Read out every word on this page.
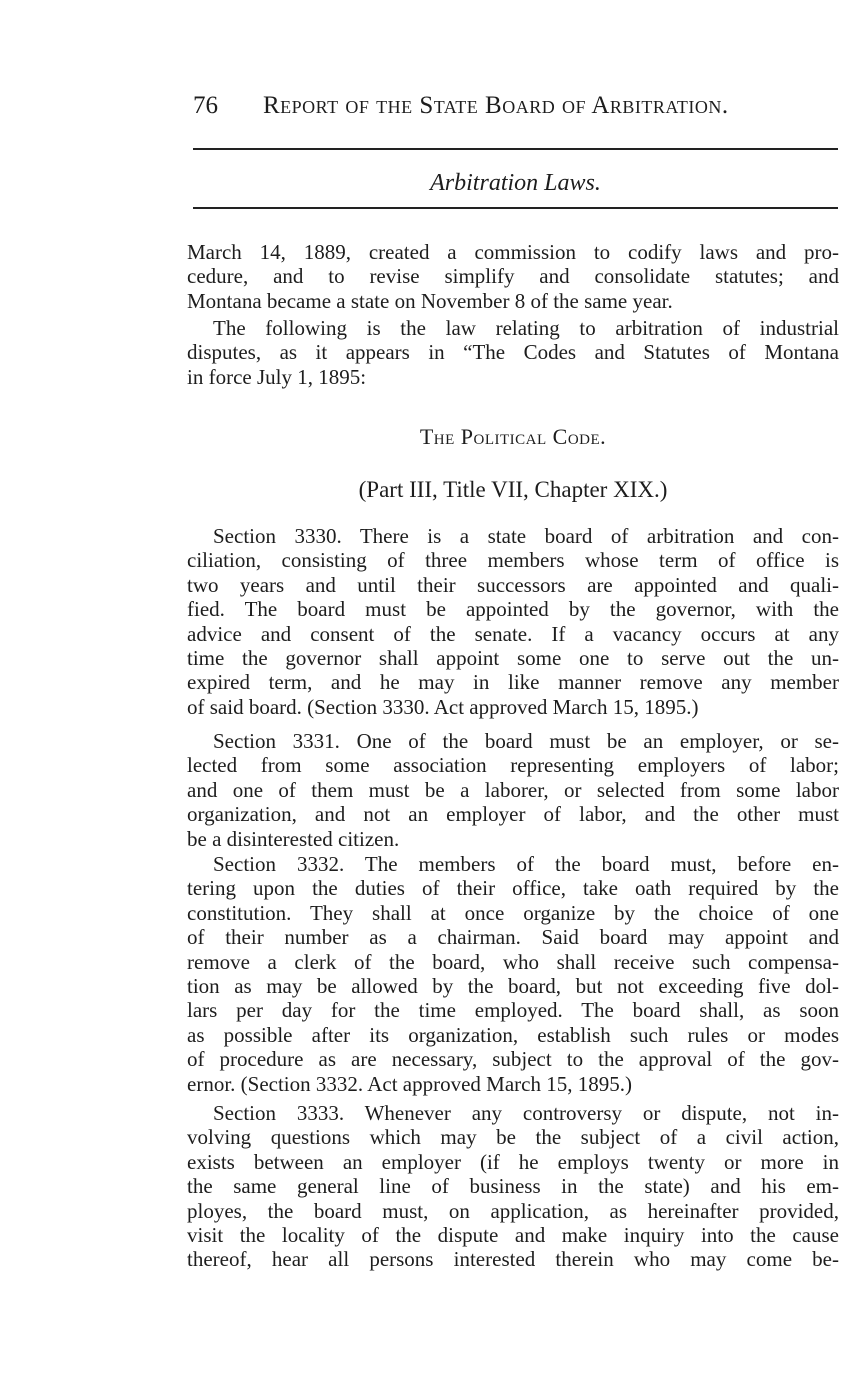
76 Report of the State Board of Arbitration.
Arbitration Laws.

March 14, 1889, created a commission to codify laws and pro-
cedure, and to revise simplify and consolidate statutes; and
Montana became a state on November 8 of the same year.

The following is the law relating to arbitration of industrial
disputes, as it appears in “The Codes and Statutes of Montana
in force July 1, 1895:

The Political Code.
(Part III, Title VII, Chapter XIX.)

Section 3330. There is a state board of arbitration and con-
ciliation, consisting of three members whose term of office is
two years and until their successors are appointed and quali-
fied. The board must be appointed by the governor, with the
advice and consent of the senate. If a vacancy occurs at any
time the governor shall appoint some one to serve out the un-
expired term, and he may in like manner remove any member
of said board. (Section 3330. Act approved March 15, 1895.)

Section 3331. One of the board must be an employer, or se-
lected from some association representing employers of labor;
and one of them must be a laborer, or selected from some labor
organization, and not an employer of labor, and the other must
be a disinterested citizen.

Section 3332. The members of the board must, before en-
tering upon the duties of their office, take oath required by the
constitution. They shall at once organize by the choice of one
of their number as a chairman. Said board may appoint and
remove a clerk of the board, who shall receive such compensa-
tion as may be allowed by the board, but not exceeding five dol-
lars per day for the time employed. The board shall, as soon
as possible after its organization, establish such rules or modes
of procedure as are necessary, subject to the approval of the gov-
ernor. (Section 3332. Act approved March 15, 1895.)

Section 3333. Whenever any controversy or dispute, not in-
volving questions which may be the subject of a civil action,
exists between an employer (if he employs twenty or more in
the same general line of business in the state) and his em-
ployes, the board must, on application, as hereinafter provided,
visit the locality of the dispute and make inquiry into the cause
thereof, hear all persons interested therein who may come be-
